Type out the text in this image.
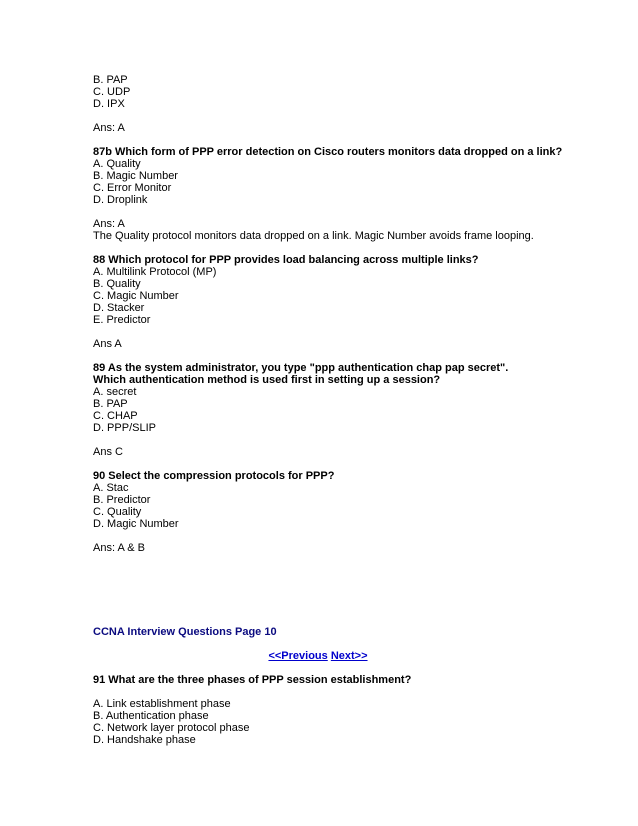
B. PAP
C. UDP
D. IPX
Ans: A
87b Which form of PPP error detection on Cisco routers monitors data dropped on a link?
A. Quality
B. Magic Number
C. Error Monitor
D. Droplink
Ans: A
The Quality protocol monitors data dropped on a link. Magic Number avoids frame looping.
88 Which protocol for PPP provides load balancing across multiple links?
A. Multilink Protocol (MP)
B. Quality
C. Magic Number
D. Stacker
E. Predictor
Ans A
89 As the system administrator, you type "ppp authentication chap pap secret". Which authentication method is used first in setting up a session?
A. secret
B. PAP
C. CHAP
D. PPP/SLIP
Ans C
90 Select the compression protocols for PPP?
A. Stac
B. Predictor
C. Quality
D. Magic Number
Ans: A & B
CCNA Interview Questions Page 10
<<Previous Next>>
91 What are the three phases of PPP session establishment?
A. Link establishment phase
B. Authentication phase
C. Network layer protocol phase
D. Handshake phase
